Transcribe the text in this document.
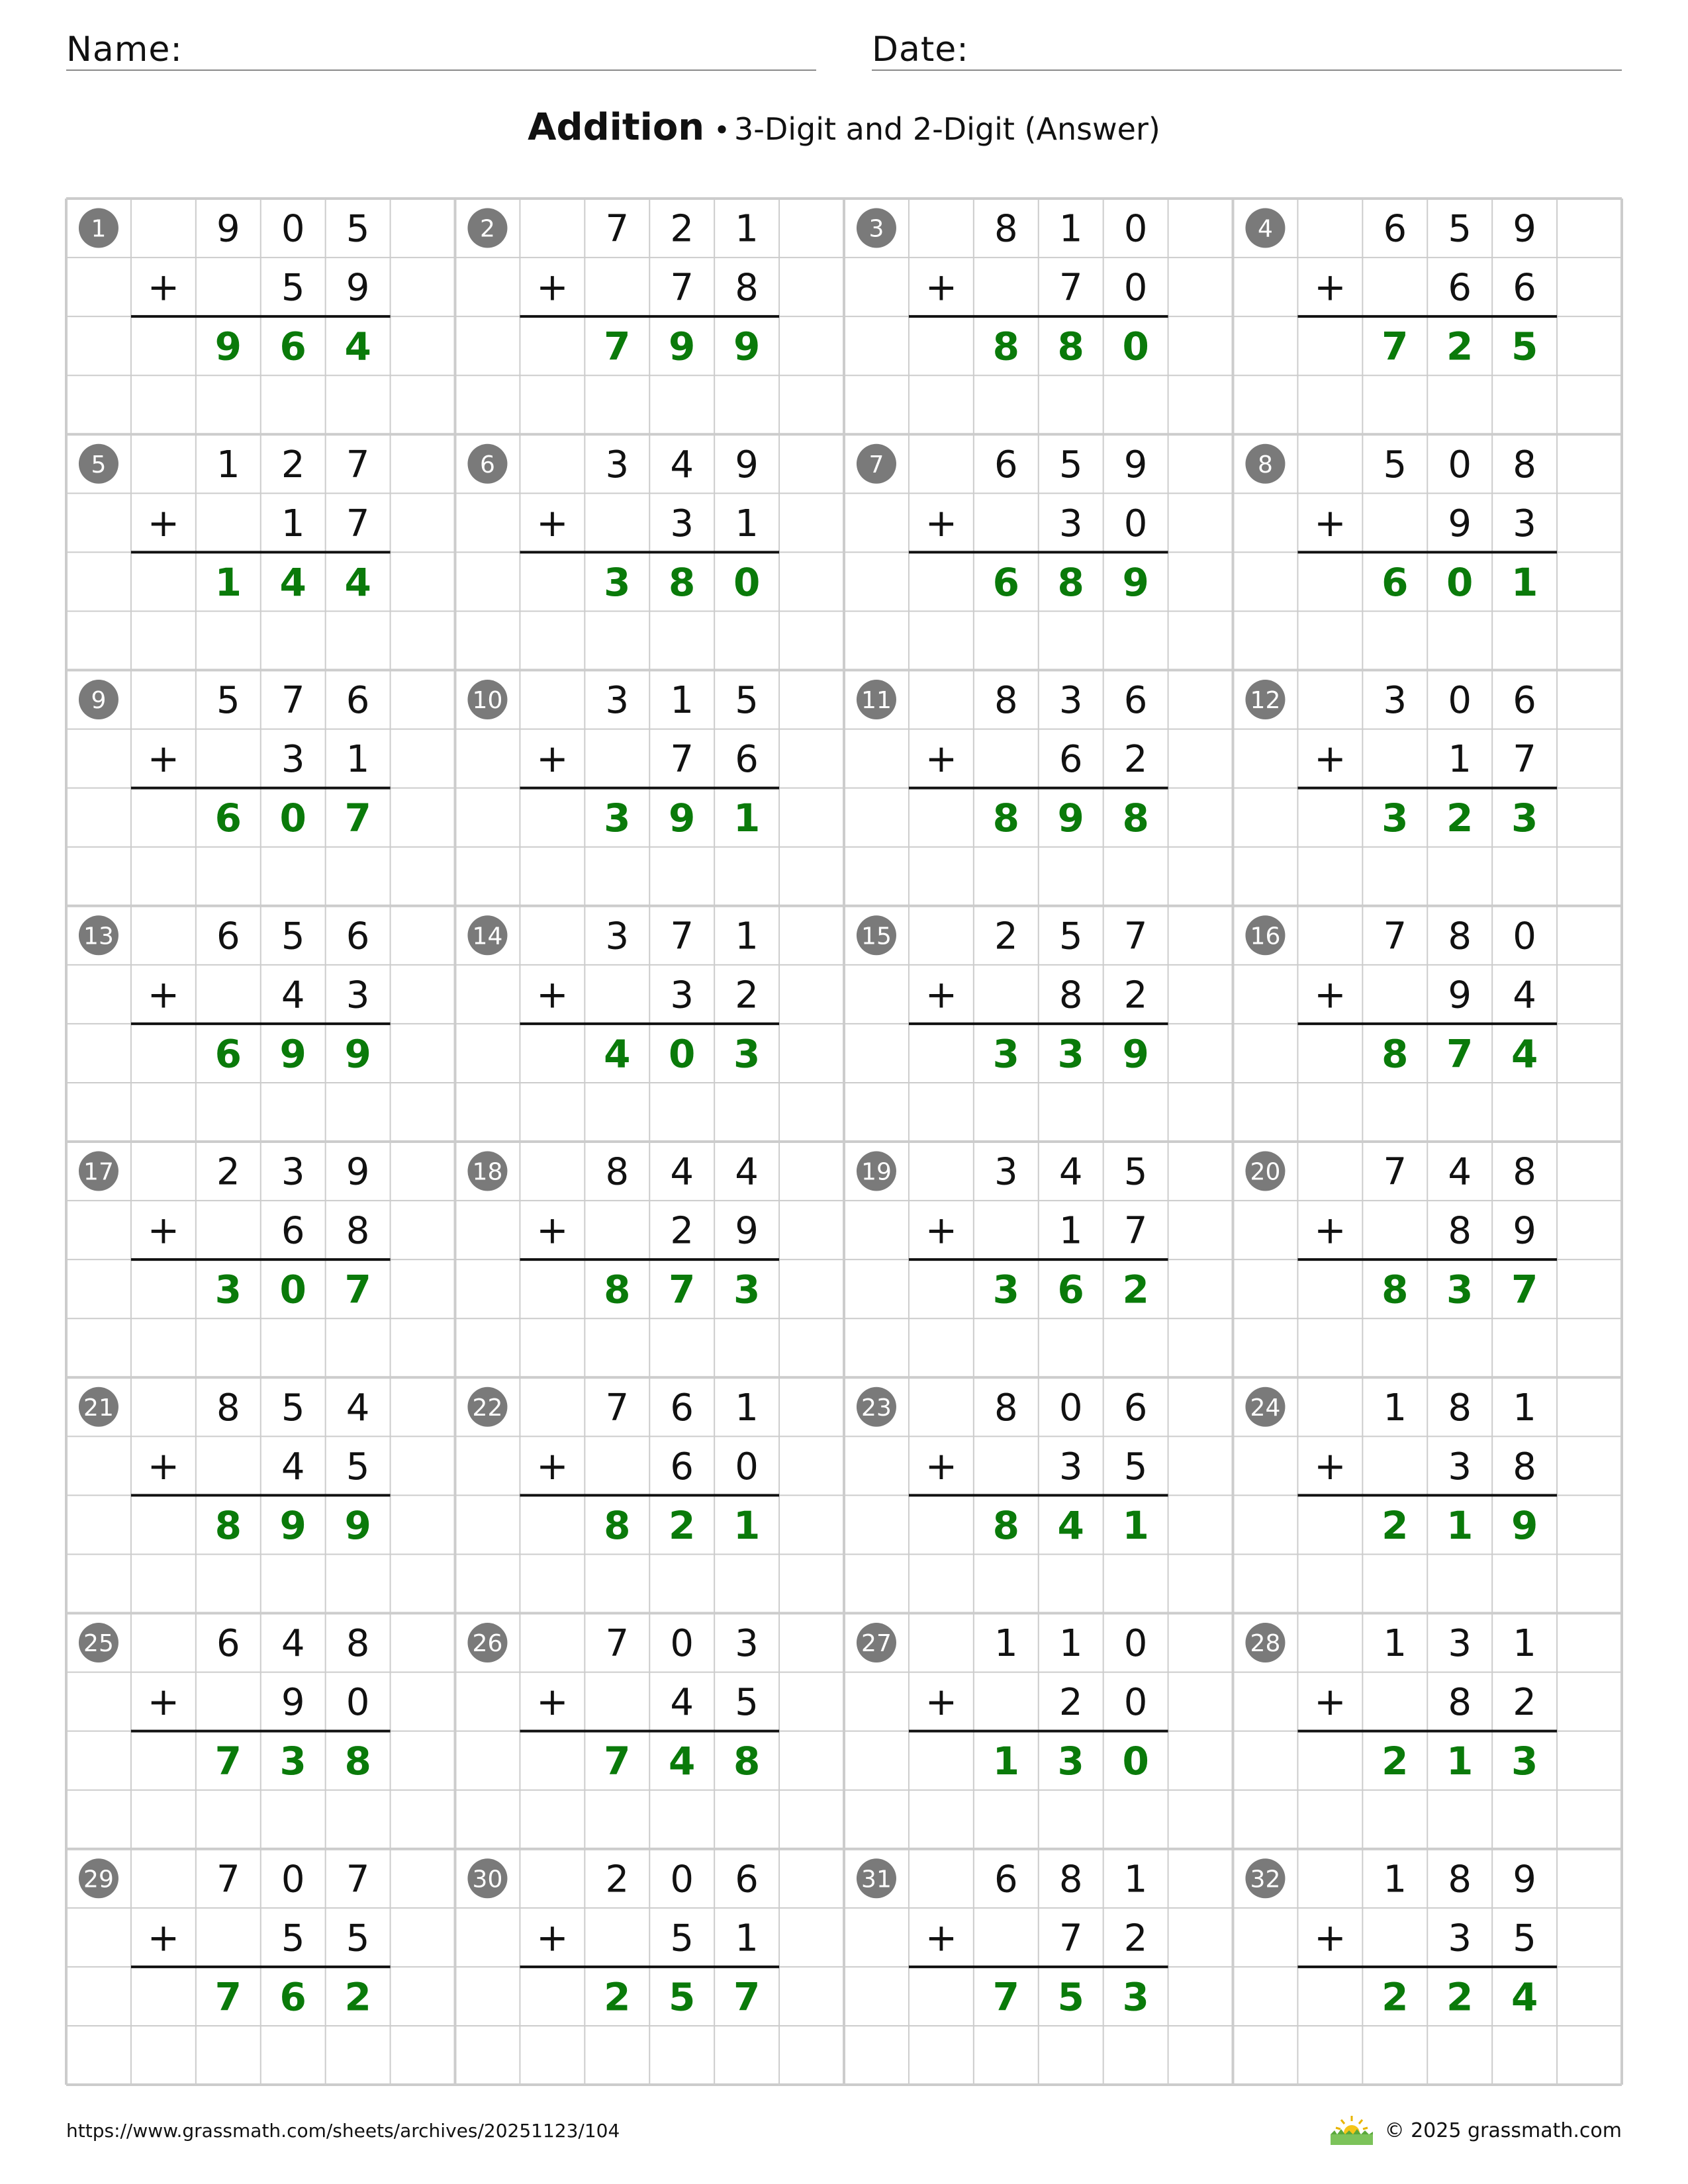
Name:	Date:
Addition • 3-Digit and 2-Digit (Answer)
1	9 0 5
+	5 9
9 6 4
2	7 2 1
+	7 8
7 9 9
3	8 1 0
+	7 0
8 8 0
4	6 5 9
+	6 6
7 2 5
5	1 2 7
+	1 7
1 4 4
6	3 4 9
+	3 1
3 8 0
7	6 5 9
+	3 0
6 8 9
8	5 0 8
+	9 3
6 0 1
9	5 7 6
+	3 1
6 0 7
10	3 1 5
+	7 6
3 9 1
11	8 3 6
+	6 2
8 9 8
12	3 0 6
+	1 7
3 2 3
13	6 5 6
+	4 3
6 9 9
14	3 7 1
+	3 2
4 0 3
15	2 5 7
+	8 2
3 3 9
16	7 8 0
+	9 4
8 7 4
17	2 3 9
+	6 8
3 0 7
18	8 4 4
+	2 9
8 7 3
19	3 4 5
+	1 7
3 6 2
20	7 4 8
+	8 9
8 3 7
21	8 5 4
+	4 5
8 9 9
22	7 6 1
+	6 0
8 2 1
23	8 0 6
+	3 5
8 4 1
24	1 8 1
+	3 8
2 1 9
25	6 4 8
+	9 0
7 3 8
26	7 0 3
+	4 5
7 4 8
27	1 1 0
+	2 0
1 3 0
28	1 3 1
+	8 2
2 1 3
29	7 0 7
+	5 5
7 6 2
30	2 0 6
+	5 1
2 5 7
31	6 8 1
+	7 2
7 5 3
32	1 8 9
+	3 5
2 2 4
https://www.grassmath.com/sheets/archives/20251123/104	© 2025 grassmath.com
